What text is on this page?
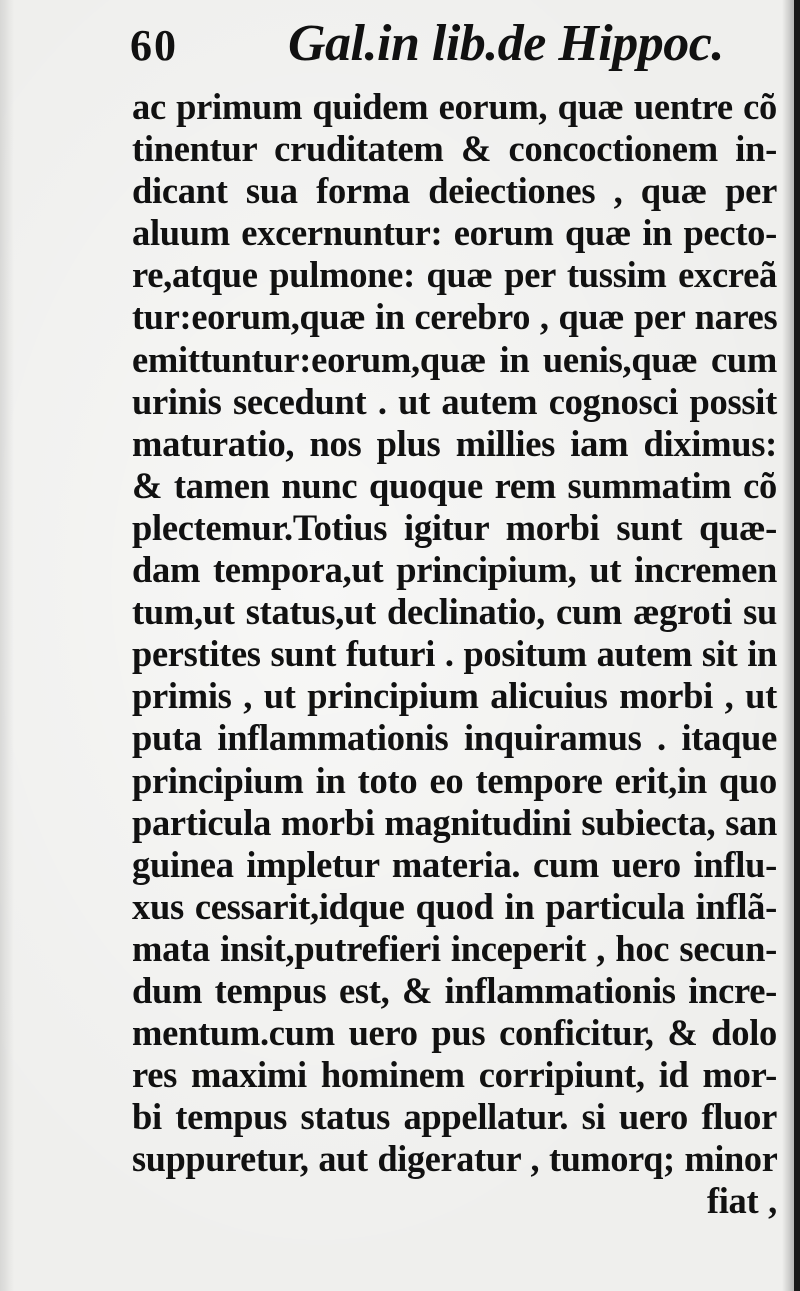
60 Gal.in lib.de Hippoc.
ac primum quidem eorum, quæ uentre cõ
tinentur cruditatem & concoctionem in-
dicant sua forma deiectiones , quæ per
aluum excernuntur: eorum quæ in pecto-
re,atque pulmone: quæ per tussim excreã
tur:eorum,quæ in cerebro , quæ per nares
emittuntur:eorum,quæ in uenis,quæ cum
urinis secedunt . ut autem cognosci possit
maturatio, nos plus millies iam diximus:
& tamen nunc quoque rem summatim cõ
plectemur.Totius igitur morbi sunt quæ-
dam tempora,ut principium, ut incremen
tum,ut status,ut declinatio, cum ægroti su
perstites sunt futuri . positum autem sit in
primis , ut principium alicuius morbi , ut
puta inflammationis inquiramus . itaque
principium in toto eo tempore erit,in quo
particula morbi magnitudini subiecta, san
guinea impletur materia. cum uero influ-
xus cessarit,idque quod in particula inflã-
mata insit,putrefieri inceperit , hoc secun-
dum tempus est, & inflammationis incre-
mentum.cum uero pus conficitur, & dolo
res maximi hominem corripiunt, id mor-
bi tempus status appellatur. si uero fluor
suppuretur, aut digeratur , tumorq; minor
fiat ,
